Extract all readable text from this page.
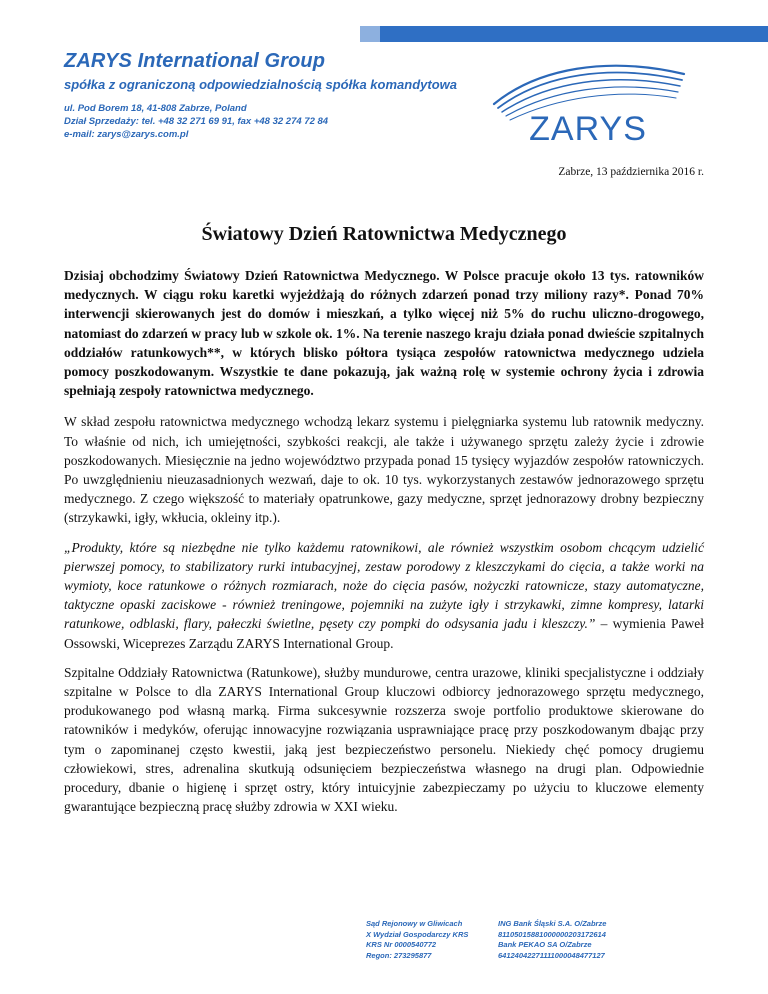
ZARYS International Group
spółka z ograniczoną odpowiedzialnością spółka komandytowa
ul. Pod Borem 18, 41-808 Zabrze, Poland
Dział Sprzedaży: tel. +48 32 271 69 91, fax +48 32 274 72 84
e-mail: zarys@zarys.com.pl	ZARYS
Zabrze, 13 października 2016 r.
Światowy Dzień Ratownictwa Medycznego

Dzisiaj obchodzimy Światowy Dzień Ratownictwa Medycznego. W Polsce pracuje około 13 tys. ratowników medycznych. W ciągu roku karetki wyjeżdżają do różnych zdarzeń ponad trzy miliony razy*. Ponad 70% interwencji skierowanych jest do domów i mieszkań, a tylko więcej niż 5% do ruchu uliczno-drogowego, natomiast do zdarzeń w pracy lub w szkole ok. 1%. Na terenie naszego kraju działa ponad dwieście szpitalnych oddziałów ratunkowych**, w których blisko półtora tysiąca zespołów ratownictwa medycznego udziela pomocy poszkodowanym. Wszystkie te dane pokazują, jak ważną rolę w systemie ochrony życia i zdrowia spełniają zespoły ratownictwa medycznego.

W skład zespołu ratownictwa medycznego wchodzą lekarz systemu i pielęgniarka systemu lub ratownik medyczny. To właśnie od nich, ich umiejętności, szybkości reakcji, ale także i używanego sprzętu zależy życie i zdrowie poszkodowanych. Miesięcznie na jedno województwo przypada ponad 15 tysięcy wyjazdów zespołów ratowniczych. Po uwzględnieniu nieuzasadnionych wezwań, daje to ok. 10 tys. wykorzystanych zestawów jednorazowego sprzętu medycznego. Z czego większość to materiały opatrunkowe, gazy medyczne, sprzęt jednorazowy drobny bezpieczny (strzykawki, igły, wkłucia, okleiny itp.).

„Produkty, które są niezbędne nie tylko każdemu ratownikowi, ale również wszystkim osobom chcącym udzielić pierwszej pomocy, to stabilizatory rurki intubacyjnej, zestaw porodowy z kleszczykami do cięcia, a także worki na wymioty, koce ratunkowe o różnych rozmiarach, noże do cięcia pasów, nożyczki ratownicze, stazy automatyczne, taktyczne opaski zaciskowe - również treningowe, pojemniki na zużyte igły i strzykawki, zimne kompresy, latarki ratunkowe, odblaski, flary, pałeczki świetlne, pęsety czy pompki do odsysania jadu i kleszczy.” – wymienia Paweł Ossowski, Wiceprezes Zarządu ZARYS International Group.

Szpitalne Oddziały Ratownictwa (Ratunkowe), służby mundurowe, centra urazowe, kliniki specjalistyczne i oddziały szpitalne w Polsce to dla ZARYS International Group kluczowi odbiorcy jednorazowego sprzętu medycznego, produkowanego pod własną marką. Firma sukcesywnie rozszerza swoje portfolio produktowe skierowane do ratowników i medyków, oferując innowacyjne rozwiązania usprawniające pracę przy poszkodowanym dbając przy tym o zapominanej często kwestii, jaką jest bezpieczeństwo personelu. Niekiedy chęć pomocy drugiemu człowiekowi, stres, adrenalina skutkują odsunięciem bezpieczeństwa własnego na drugi plan. Odpowiednie procedury, dbanie o higienę i sprzęt ostry, który intuicyjnie zabezpieczamy po użyciu to kluczowe elementy gwarantujące bezpieczną pracę służby zdrowia w XXI wieku.

Sąd Rejonowy w Gliwicach
X Wydział Gospodarczy KRS
KRS Nr 0000540772
Regon: 273295877
ING Bank Śląski S.A. O/Zabrze
81105015881000000203172614
Bank PEKAO SA O/Zabrze
64124042271111000048477127
